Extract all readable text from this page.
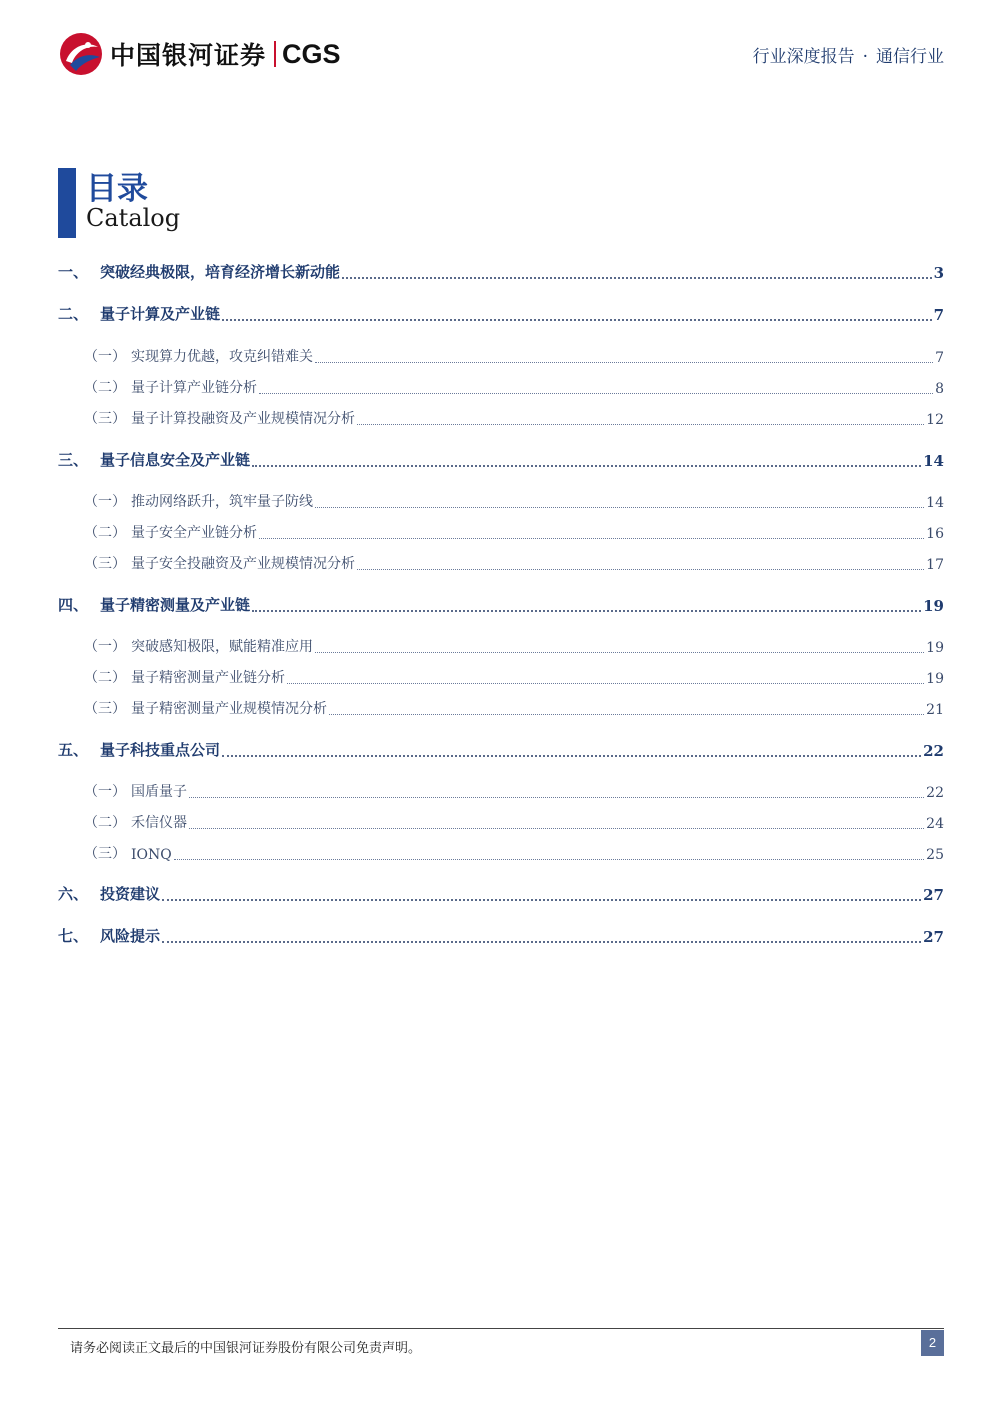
中国银河证券 CGS	行业深度报告 · 通信行业
目录
Catalog
一、 突破经典极限，培育经济增长新动能	3
二、 量子计算及产业链	7
（一） 实现算力优越，攻克纠错难关	7
（二） 量子计算产业链分析	8
（三） 量子计算投融资及产业规模情况分析	12
三、 量子信息安全及产业链	14
（一） 推动网络跃升，筑牢量子防线	14
（二） 量子安全产业链分析	16
（三） 量子安全投融资及产业规模情况分析	17
四、 量子精密测量及产业链	19
（一） 突破感知极限，赋能精准应用	19
（二） 量子精密测量产业链分析	19
（三） 量子精密测量产业规模情况分析	21
五、 量子科技重点公司	22
（一） 国盾量子	22
（二） 禾信仪器	24
（三） IONQ	25
六、 投资建议	27
七、 风险提示	27
请务必阅读正文最后的中国银河证券股份有限公司免责声明。	2
